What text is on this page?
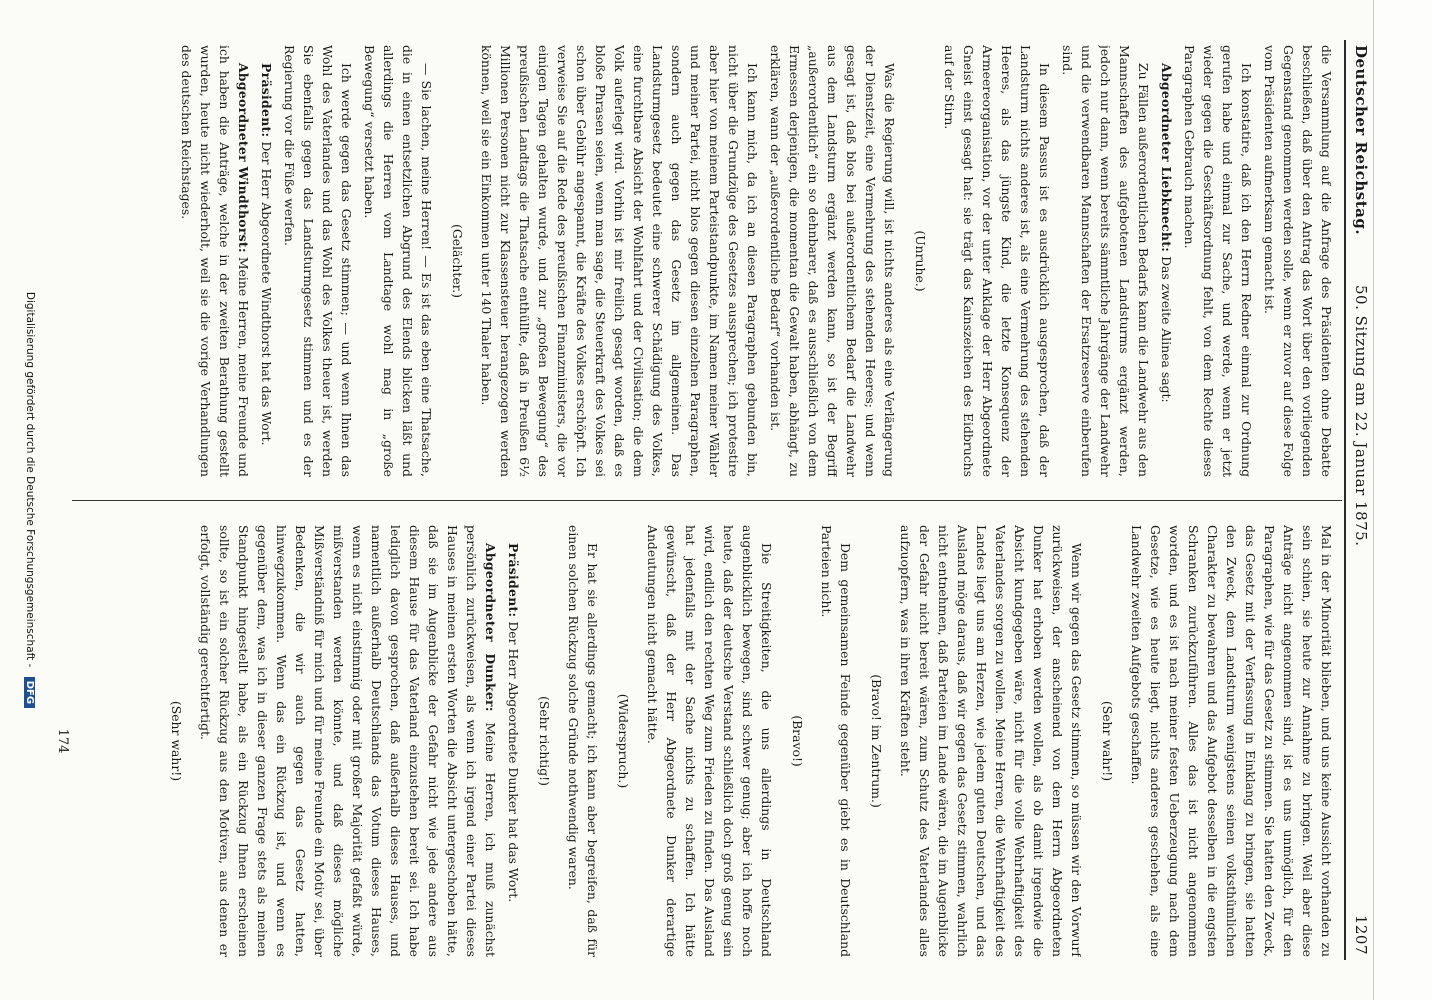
Deutscher Reichstag.
50. Sitzung am 22. Januar 1875.
1207

die Versammlung auf die Anfrage des Präsidenten ohne Debatte beschließen, daß über den Antrag das Wort über den vorliegenden Gegenstand genommen werden solle, wenn er zuvor auf diese Folge vom Präsidenten aufmerksam gemacht ist.

Ich konstatire, daß ich den Herrn Redner einmal zur Ordnung gerufen habe und einmal zur Sache, und werde, wenn er jetzt wieder gegen die Geschäftsordnung fehlt, von dem Rechte dieses Paragraphen Gebrauch machen.

Abgeordneter Liebknecht: Das zweite Alinea sagt:

Zu Fällen außerordentlichen Bedarfs kann die Landwehr aus den Mannschaften des aufgebotenen Landsturms ergänzt werden, jedoch nur dann, wenn bereits sämmtliche Jahrgänge der Landwehr und die verwendbaren Mannschaften der Ersatzreserve einberufen sind.

In diesem Passus ist es ausdrücklich ausgesprochen, daß der Landsturm nichts anderes ist, als eine Vermehrung des stehenden Heeres, als das jüngste Kind, die letzte Konsequenz der Armeereorganisation, vor der unter Anklage der Herr Abgeordnete Gneist einst gesagt hat: sie trägt das Kainszeichen des Eidbruchs auf der Stirn.

(Unruhe.)

Was die Regierung will, ist nichts anderes als eine Verlängerung der Dienstzeit, eine Vermehrung des stehenden Heeres; und wenn gesagt ist, daß blos bei außerordentlichem Bedarf die Landwehr aus dem Landsturm ergänzt werden kann, so ist der Begriff „außerordentlich“ ein so dehnbarer, daß es ausschließlich von dem Ermessen derjenigen, die momentan die Gewalt haben, abhängt, zu erklären, wann der „außerordentliche Bedarf“ vorhanden ist.

Ich kann mich, da ich an diesen Paragraphen gebunden bin, nicht über die Grundzüge des Gesetzes aussprechen; ich protestire aber hier von meinem Parteistandpunkte, im Namen meiner Wähler und meiner Partei, nicht blos gegen diesen einzelnen Paragraphen, sondern auch gegen das Gesetz im allgemeinen. Das Landsturmgesetz bedeutet eine schwerer Schädigung des Volkes, eine furchtbare Absicht der Wohlfahrt und der Civilisation; die dem Volk auferlegt wird. Vorhin ist mir freilich gesagt worden, daß es bloße Phrasen seien, wenn man sage, die Steuerkraft des Volkes sei schon über Gebühr angespannt, die Kräfte des Volkes erschöpft. Ich verweise Sie auf die Rede des preußischen Finanzministers, die vor einigen Tagen gehalten wurde, und zur „großen Bewegung“ des preußischen Landtags die Thatsache enthüllte, daß in Preußen 6½ Millionen Personen nicht zur Klassensteuer herangezogen werden können, weil sie ein Einkommen unter 140 Thaler haben.

(Gelächter.)

— Sie lachen, meine Herren! — Es ist das eben eine Thatsache, die in einen entsetzlichen Abgrund des Elends blicken läßt und allerdings die Herren vom Landtage wohl mag in „große Bewegung“ versetzt haben.

Ich werde gegen das Gesetz stimmen; — und wenn Ihnen das Wohl des Vaterlandes und das Wohl des Volkes theuer ist, werden Sie ebenfalls gegen das Landsturmgesetz stimmen und es der Regierung vor die Füße werfen.

Präsident: Der Herr Abgeordnete Windthorst hat das Wort.

Abgeordneter Windthorst: Meine Herren, meine Freunde und ich haben die Anträge, welche in der zweiten Berathung gestellt wurden, heute nicht wiederholt, weil sie die vorige Verhandlungen des deutschen Reichstages.

Mal in der Minorität blieben, und uns keine Aussicht vorhanden zu sein schien, sie heute zur Annahme zu bringen. Weil aber diese Anträge nicht angenommen sind, ist es uns unmöglich, für den Paragraphen, wie für das Gesetz zu stimmen. Sie hatten den Zweck, das Gesetz mit der Verfassung in Einklang zu bringen, sie hatten den Zweck, dem Landsturm wenigstens seinen volksthümlichen Charakter zu bewahren und das Aufgebot desselben in die engsten Schranken zurückzuführen. Alles das ist nicht angenommen worden, und es ist nach meiner festen Ueberzeugung nach dem Gesetze, wie es heute liegt, nichts anderes geschehen, als eine Landwehr zweiten Aufgebots geschaffen.

(Sehr wahr!)

Wenn wir gegen das Gesetz stimmen, so müssen wir den Vorwurf zurückweisen, der anscheinend von dem Herrn Abgeordneten Dunker hat erhoben werden wollen, als ob damit irgendwie die Absicht kundgegeben wäre, nicht für die volle Wehrhaftigkeit des Vaterlandes sorgen zu wollen. Meine Herren, die Wehrhaftigkeit des Landes liegt uns am Herzen, wie jedem guten Deutschen, und das Ausland möge daraus, daß wir gegen das Gesetz stimmen, wahrlich nicht entnehmen, daß Parteien im Lande wären, die im Augenblicke der Gefahr nicht bereit wären, zum Schutz des Vaterlandes alles aufzuopfern, was in ihren Kräften steht.

(Bravo! im Zentrum.)

Dem gemeinsamen Feinde gegenüber giebt es in Deutschland Parteien nicht.

(Bravo!)

Die Streitigkeiten, die uns allerdings in Deutschland augenblicklich bewegen, sind schwer genug; aber ich hoffe noch heute, daß der deutsche Verstand schließlich doch groß genug sein wird, endlich den rechten Weg zum Frieden zu finden. Das Ausland hat jedenfalls mit der Sache nichts zu schaffen. Ich hätte gewünscht, daß der Herr Abgeordnete Dunker derartige Andeutungen nicht gemacht hätte.

(Widerspruch.)

Er hat sie allerdings gemacht; ich kann aber begreifen, daß für einen solchen Rückzug solche Gründe nothwendig waren.

(Sehr richtig!)

Präsident: Der Herr Abgeordnete Dunker hat das Wort.

Abgeordneter Dunker: Meine Herren, ich muß zunächst persönlich zurückweisen, als wenn ich irgend einer Partei dieses Hauses in meinen ersten Worten die Absicht untergeschoben hätte, daß sie im Augenblicke der Gefahr nicht wie jede andere aus diesem Hause für das Vaterland einzustehen bereit sei. Ich habe lediglich davon gesprochen, daß außerhalb dieses Hauses, und namentlich außerhalb Deutschlands das Votum dieses Hauses, wenn es nicht einstimmig oder mit großer Majorität gefaßt würde, mißverstanden werden könnte, und daß dieses mögliche Mißverständniß für mich und für meine Freunde ein Motiv sei, über Bedenken, die wir auch gegen das Gesetz hatten, hinwegzukommen. Wenn das ein Rückzug ist, und wenn es gegenüber dem, was ich in dieser ganzen Frage stets als meinen Standpunkt hingestellt habe, als ein Rückzug Ihnen erscheinen sollte, so ist ein solcher Rückzug aus den Motiven, aus denen er erfolgt, vollständig gerechtfertigt.

(Sehr wahr!)

174
Digitalisierung gefördert durch die Deutsche Forschungsgemeinschaft - DFG
